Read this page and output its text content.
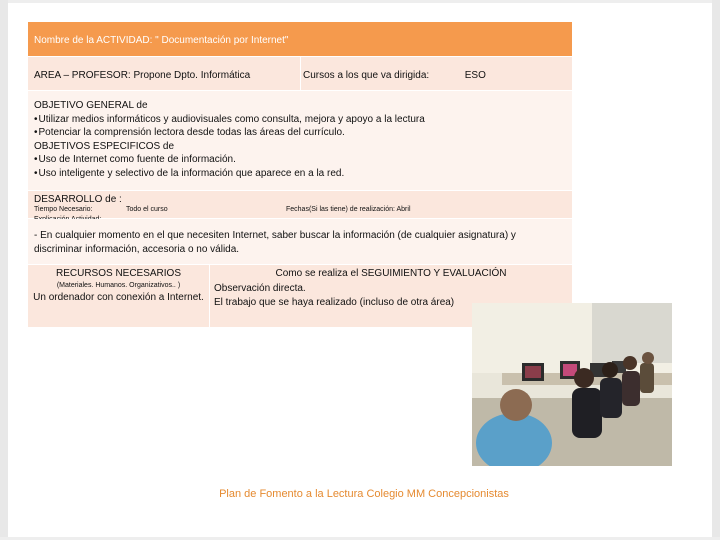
Nombre de la ACTIVIDAD: " Documentación por Internet"
AREA – PROFESOR: Propone Dpto. Informática	Cursos a los que va dirigida:	ESO
OBJETIVO GENERAL de
• Utilizar medios informáticos y audiovisuales como consulta, mejora y apoyo a la lectura
• Potenciar la comprensión lectora desde todas las áreas del currículo.
OBJETIVOS ESPECIFICOS de
• Uso de Internet como fuente de información.
• Uso inteligente y selectivo de la información que aparece en a la red.
DESARROLLO de :
Tiempo Necesario:	Todo el curso	Fechas(Si las tiene) de realización: Abril
- En cualquier momento en el que necesiten Internet, saber buscar la información (de cualquier asignatura) y discriminar información, accesoria o no válida.
RECURSOS NECESARIOS
(Materiales. Humanos. Organizativos.. )
Un ordenador con conexión a Internet.
Como se realiza el SEGUIMIENTO Y EVALUACIÓN
Observación directa.
El trabajo que se haya realizado (incluso de otra área)
Plan de Fomento a la Lectura Colegio MM Concepcionistas
